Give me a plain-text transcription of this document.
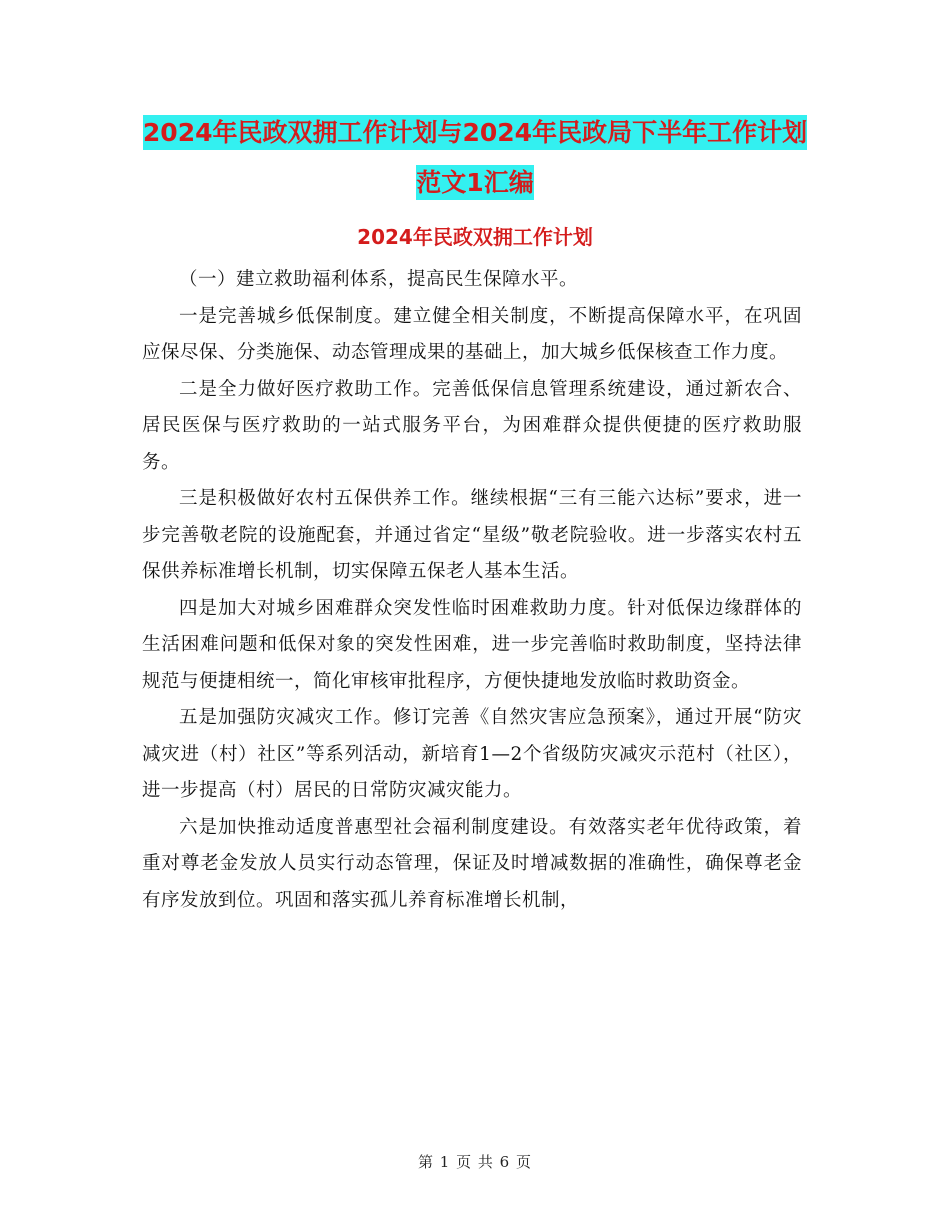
2024年民政双拥工作计划与2024年民政局下半年工作计划范文1汇编
2024年民政双拥工作计划

（一）建立救助福利体系，提高民生保障水平。

一是完善城乡低保制度。建立健全相关制度，不断提高保障水平，在巩固应保尽保、分类施保、动态管理成果的基础上，加大城乡低保核查工作力度。

二是全力做好医疗救助工作。完善低保信息管理系统建设，通过新农合、居民医保与医疗救助的一站式服务平台，为困难群众提供便捷的医疗救助服务。

三是积极做好农村五保供养工作。继续根据“三有三能六达标”要求，进一步完善敬老院的设施配套，并通过省定“星级”敬老院验收。进一步落实农村五保供养标准增长机制，切实保障五保老人基本生活。

四是加大对城乡困难群众突发性临时困难救助力度。针对低保边缘群体的生活困难问题和低保对象的突发性困难，进一步完善临时救助制度，坚持法律规范与便捷相统一，简化审核审批程序，方便快捷地发放临时救助资金。

五是加强防灾减灾工作。修订完善《自然灾害应急预案》，通过开展“防灾减灾进（村）社区”等系列活动，新培育1—2个省级防灾减灾示范村（社区），进一步提高（村）居民的日常防灾减灾能力。

六是加快推动适度普惠型社会福利制度建设。有效落实老年优待政策，着重对尊老金发放人员实行动态管理，保证及时增减数据的准确性，确保尊老金有序发放到位。巩固和落实孤儿养育标准增长机制，

第 1 页 共 6 页
